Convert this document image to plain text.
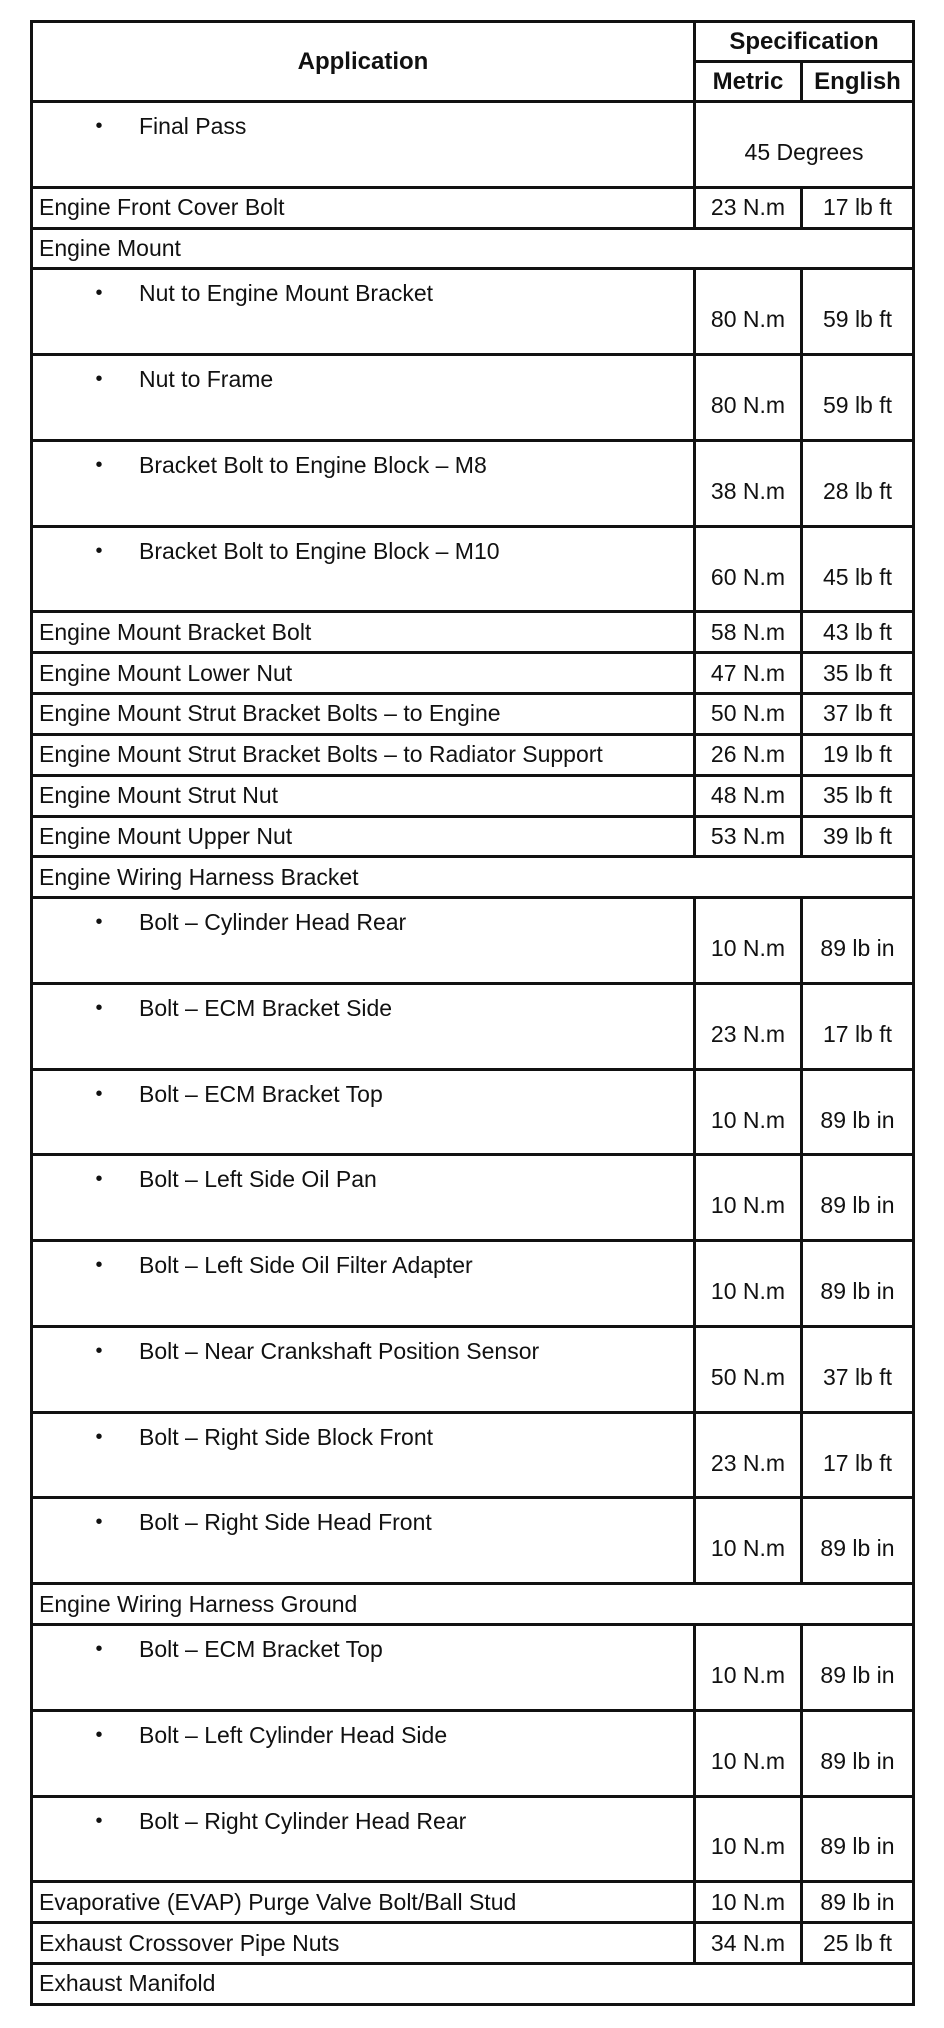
Application	Specification	
	Metric	English

• Final Pass	45 Degrees	
Engine Front Cover Bolt	23 N.m	17 lb ft
Engine Mount		

• Nut to Engine Mount Bracket	80 N.m	59 lb ft

• Nut to Frame	80 N.m	59 lb ft

• Bracket Bolt to Engine Block – M8	38 N.m	28 lb ft

• Bracket Bolt to Engine Block – M10	60 N.m	45 lb ft
Engine Mount Bracket Bolt	58 N.m	43 lb ft
Engine Mount Lower Nut	47 N.m	35 lb ft
Engine Mount Strut Bracket Bolts – to Engine	50 N.m	37 lb ft
Engine Mount Strut Bracket Bolts – to Radiator Support	26 N.m	19 lb ft
Engine Mount Strut Nut	48 N.m	35 lb ft
Engine Mount Upper Nut	53 N.m	39 lb ft
Engine Wiring Harness Bracket		

• Bolt – Cylinder Head Rear	10 N.m	89 lb in

• Bolt – ECM Bracket Side	23 N.m	17 lb ft

• Bolt – ECM Bracket Top	10 N.m	89 lb in

• Bolt – Left Side Oil Pan	10 N.m	89 lb in

• Bolt – Left Side Oil Filter Adapter	10 N.m	89 lb in

• Bolt – Near Crankshaft Position Sensor	50 N.m	37 lb ft

• Bolt – Right Side Block Front	23 N.m	17 lb ft

• Bolt – Right Side Head Front	10 N.m	89 lb in
Engine Wiring Harness Ground		

• Bolt – ECM Bracket Top	10 N.m	89 lb in

• Bolt – Left Cylinder Head Side	10 N.m	89 lb in

• Bolt – Right Cylinder Head Rear	10 N.m	89 lb in
Evaporative (EVAP) Purge Valve Bolt/Ball Stud	10 N.m	89 lb in
Exhaust Crossover Pipe Nuts	34 N.m	25 lb ft
Exhaust Manifold		
